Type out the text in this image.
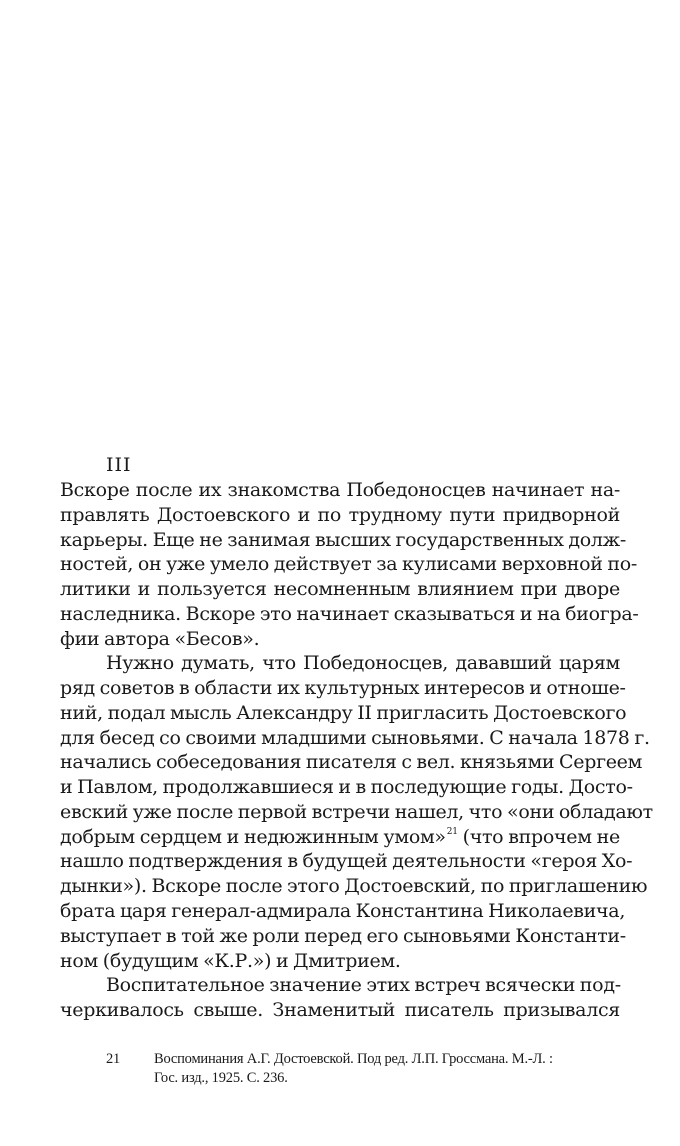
III
Вскоре после их знакомства Победоносцев начинает на-
правлять Достоевского и по трудному пути придворной
карьеры. Еще не занимая высших государственных долж-
ностей, он уже умело действует за кулисами верховной по-
литики и пользуется несомненным влиянием при дворе
наследника. Вскоре это начинает сказываться и на биогра-
фии автора «Бесов».
Нужно думать, что Победоносцев, дававший царям
ряд советов в области их культурных интересов и отноше-
ний, подал мысль Александру II пригласить Достоевского
для бесед со своими младшими сыновьями. С начала 1878 г.
начались собеседования писателя с вел. князьями Сергеем
и Павлом, продолжавшиеся и в последующие годы. Досто-
евский уже после первой встречи нашел, что «они обладают
добрым сердцем и недюжинным умом»$^{21}$ (что впрочем не
нашло подтверждения в будущей деятельности «героя Хо-
дынки»). Вскоре после этого Достоевский, по приглашению
брата царя генерал-адмирала Константина Николаевича,
выступает в той же роли перед его сыновьями Константи-
ном (будущим «К.Р.») и Дмитрием.
Воспитательное значение этих встреч всячески под-
черкивалось свыше. Знаменитый писатель призывался
21 Воспоминания А.Г. Достоевской. Под ред. Л.П. Гроссмана. М.-Л. :
Гос. изд., 1925. С. 236.
